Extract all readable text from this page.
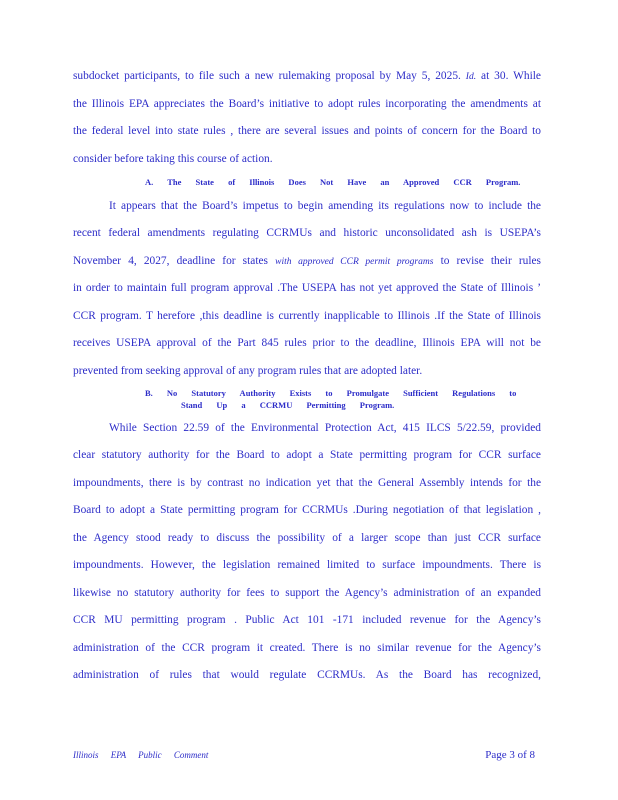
subdocket participants, to file such a new rulemaking proposal by May 5, 2025. Id. at 30. While
the Illinois EPA appreciates the Board’s initiative to adopt rules incorporating the amendments at
the federal level into state rules , there are several issues and points of concern for the Board to
consider before taking this course of action.
A. The State of Illinois Does Not Have an Approved CCR Program.
It appears that the Board’s impetus to begin amending its regulations now to include the
recent federal amendments regulating CCRMUs and historic unconsolidated ash is USEPA’s
November 4, 2027, deadline for states with approved CCR permit programs to revise their rules
in order to maintain full program approval .The USEPA has not yet approved the State of Illinois ’
CCR program. T herefore ,this deadline is currently inapplicable to Illinois .If the State of Illinois
receives USEPA approval of the Part 845 rules prior to the deadline, Illinois EPA will not be
prevented from seeking approval of any program rules that are adopted later.
B. No Statutory Authority Exists to Promulgate Sufficient Regulations to
Stand Up a CCRMU Permitting Program.
While Section 22.59 of the Environmental Protection Act, 415 ILCS 5/22.59, provided
clear statutory authority for the Board to adopt a State permitting program for CCR surface
impoundments, there is by contrast no indication yet that the General Assembly intends for the
Board to adopt a State permitting program for CCRMUs .During negotiation of that legislation ,
the Agency stood ready to discuss the possibility of a larger scope than just CCR surface
impoundments. However, the legislation remained limited to surface impoundments. There is
likewise no statutory authority for fees to support the Agency’s administration of an expanded
CCR MU permitting program . Public Act 101 -171 included revenue for the Agency’s
administration of the CCR program it created. There is no similar revenue for the Agency’s
administration of rules that would regulate CCRMUs. As the Board has recognized,
Illinois EPA Public Comment	Page 3 of 8
